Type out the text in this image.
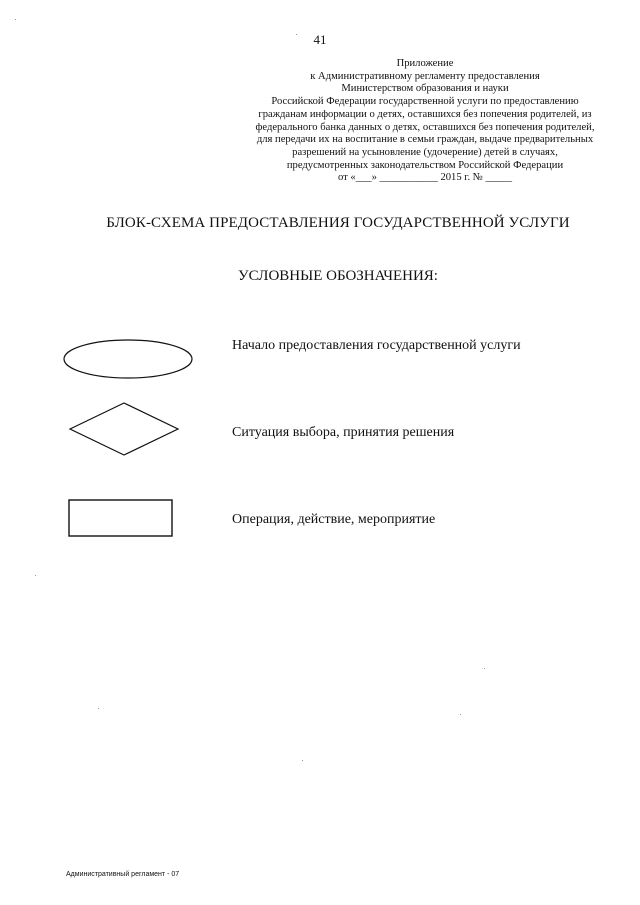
41
Приложение
к Административному регламенту предоставления
Министерством образования и науки
Российской Федерации государственной услуги по предоставлению
гражданам информации о детях, оставшихся без попечения родителей, из
федерального банка данных о детях, оставшихся без попечения родителей,
для передачи их на воспитание в семьи граждан, выдаче предварительных
разрешений на усыновление (удочерение) детей в случаях,
предусмотренных законодательством Российской Федерации
от «___» ___________ 2015 г. № _____
БЛОК-СХЕМА ПРЕДОСТАВЛЕНИЯ ГОСУДАРСТВЕННОЙ УСЛУГИ
УСЛОВНЫЕ ОБОЗНАЧЕНИЯ:
Начало предоставления государственной услуги
Ситуация выбора, принятия решения
Операция, действие, мероприятие
Административный регламент - 07
